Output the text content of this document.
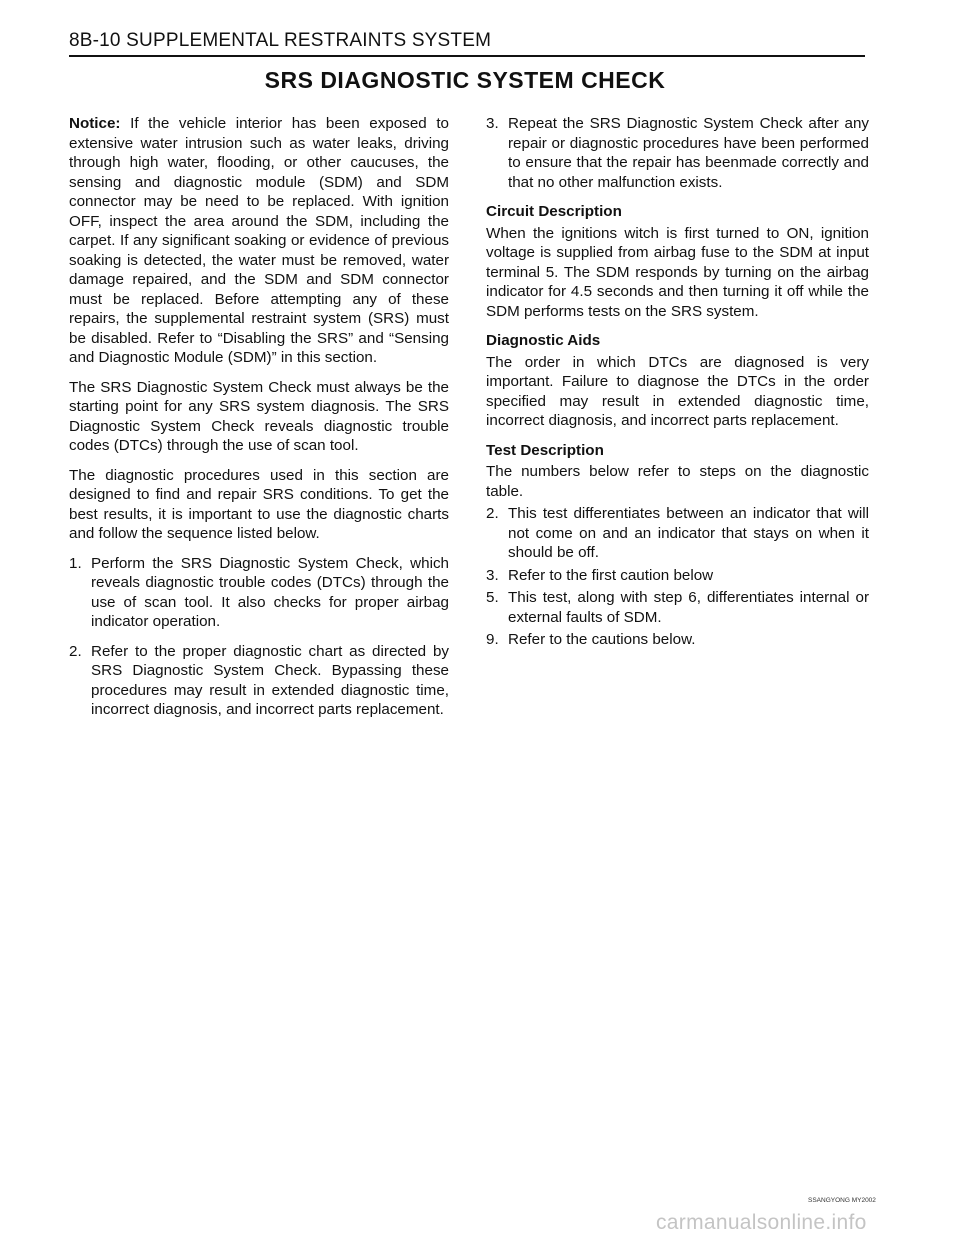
8B-10 SUPPLEMENTAL RESTRAINTS SYSTEM
SRS DIAGNOSTIC SYSTEM CHECK

Notice: If the vehicle interior has been exposed to extensive water intrusion such as water leaks, driving through high water, flooding, or other caucuses, the sensing and diagnostic module (SDM) and SDM connector may be need to be replaced. With ignition OFF, inspect the area around the SDM, including the carpet. If any significant soaking or evidence of previous soaking is detected, the water must be removed, water damage repaired, and the SDM and SDM connector must be replaced. Before attempting any of these repairs, the supplemental restraint system (SRS) must be disabled. Refer to “Disabling the SRS” and “Sensing and Diagnostic Module (SDM)” in this section.

The SRS Diagnostic System Check must always be the starting point for any SRS system diagnosis. The SRS Diagnostic System Check reveals diagnostic trouble codes (DTCs) through the use of scan tool.

The diagnostic procedures used in this section are designed to find and repair SRS conditions. To get the best results, it is important to use the diagnostic charts and follow the sequence listed below.

1. Perform the SRS Diagnostic System Check, which reveals diagnostic trouble codes (DTCs) through the use of scan tool. It also checks for proper airbag indicator operation.
2. Refer to the proper diagnostic chart as directed by SRS Diagnostic System Check. Bypassing these procedures may result in extended diagnostic time, incorrect diagnosis, and incorrect parts replacement.
3. Repeat the SRS Diagnostic System Check after any repair or diagnostic procedures have been performed to ensure that the repair has beenmade correctly and that no other malfunction exists.
Circuit Description

When the ignitions witch is first turned to ON, ignition voltage is supplied from airbag fuse to the SDM at input terminal 5. The SDM responds by turning on the airbag indicator for 4.5 seconds and then turning it off while the SDM performs tests on the SRS system.

Diagnostic Aids

The order in which DTCs are diagnosed is very important. Failure to diagnose the DTCs in the order specified may result in extended diagnostic time, incorrect diagnosis, and incorrect parts replacement.

Test Description

The numbers below refer to steps on the diagnostic table.

2. This test differentiates between an indicator that will not come on and an indicator that stays on when it should be off.
3. Refer to the first caution below
5. This test, along with step 6, differentiates internal or external faults of SDM.
9. Refer to the cautions below.
SSANGYONG MY2002
carmanualsonline.info
